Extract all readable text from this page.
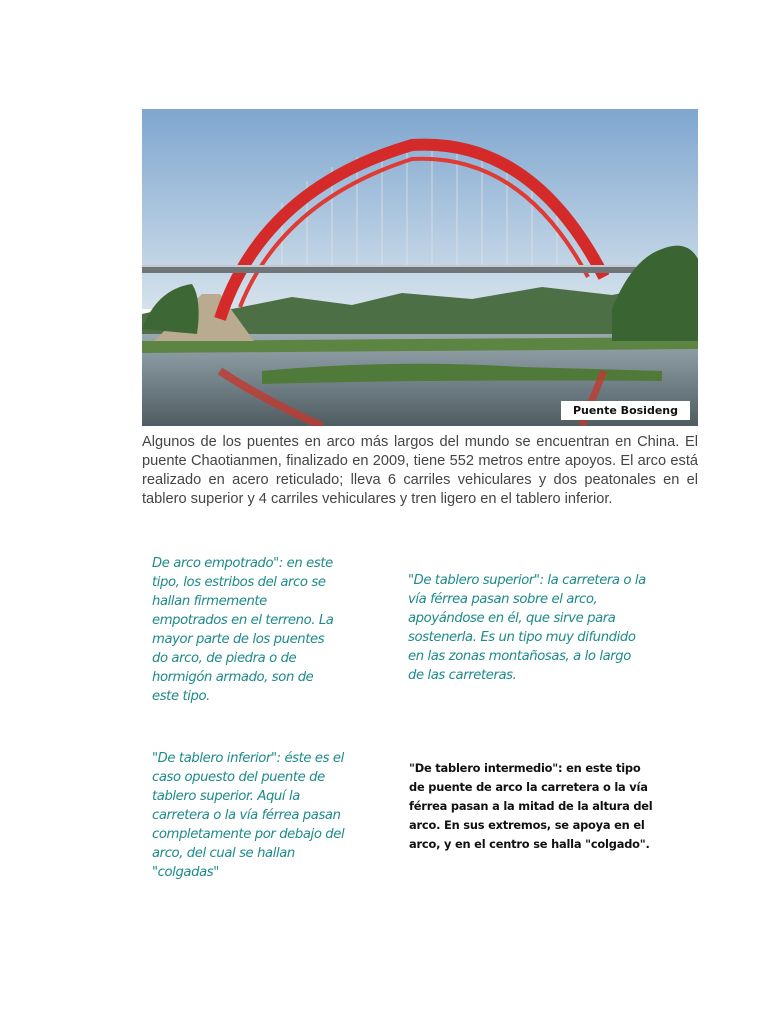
Puente Bosideng

Algunos de los puentes en arco más largos del mundo se encuentran en China. El puente Chaotianmen, finalizado en 2009, tiene 552 metros entre apoyos. El arco está realizado en acero reticulado; lleva 6 carriles vehiculares y dos peatonales en el tablero superior y 4 carriles vehiculares y tren ligero en el tablero inferior.

De arco empotrado": en este tipo, los estribos del arco se hallan firmemente empotrados en el terreno. La mayor parte de los puentes do arco, de piedra o de hormigón armado, son de este tipo.

"De tablero superior": la carretera o la vía férrea pasan sobre el arco, apoyándose en él, que sirve para sostenerla. Es un tipo muy difundido en las zonas montañosas, a lo largo de las carreteras.

"De tablero inferior": éste es el caso opuesto del puente de tablero superior. Aquí la carretera o la vía férrea pasan completamente por debajo del arco, del cual se hallan "colgadas"

"De tablero intermedio": en este tipo de puente de arco la carretera o la vía férrea pasan a la mitad de la altura del arco. En sus extremos, se apoya en el arco, y en el centro se halla "colgado".
